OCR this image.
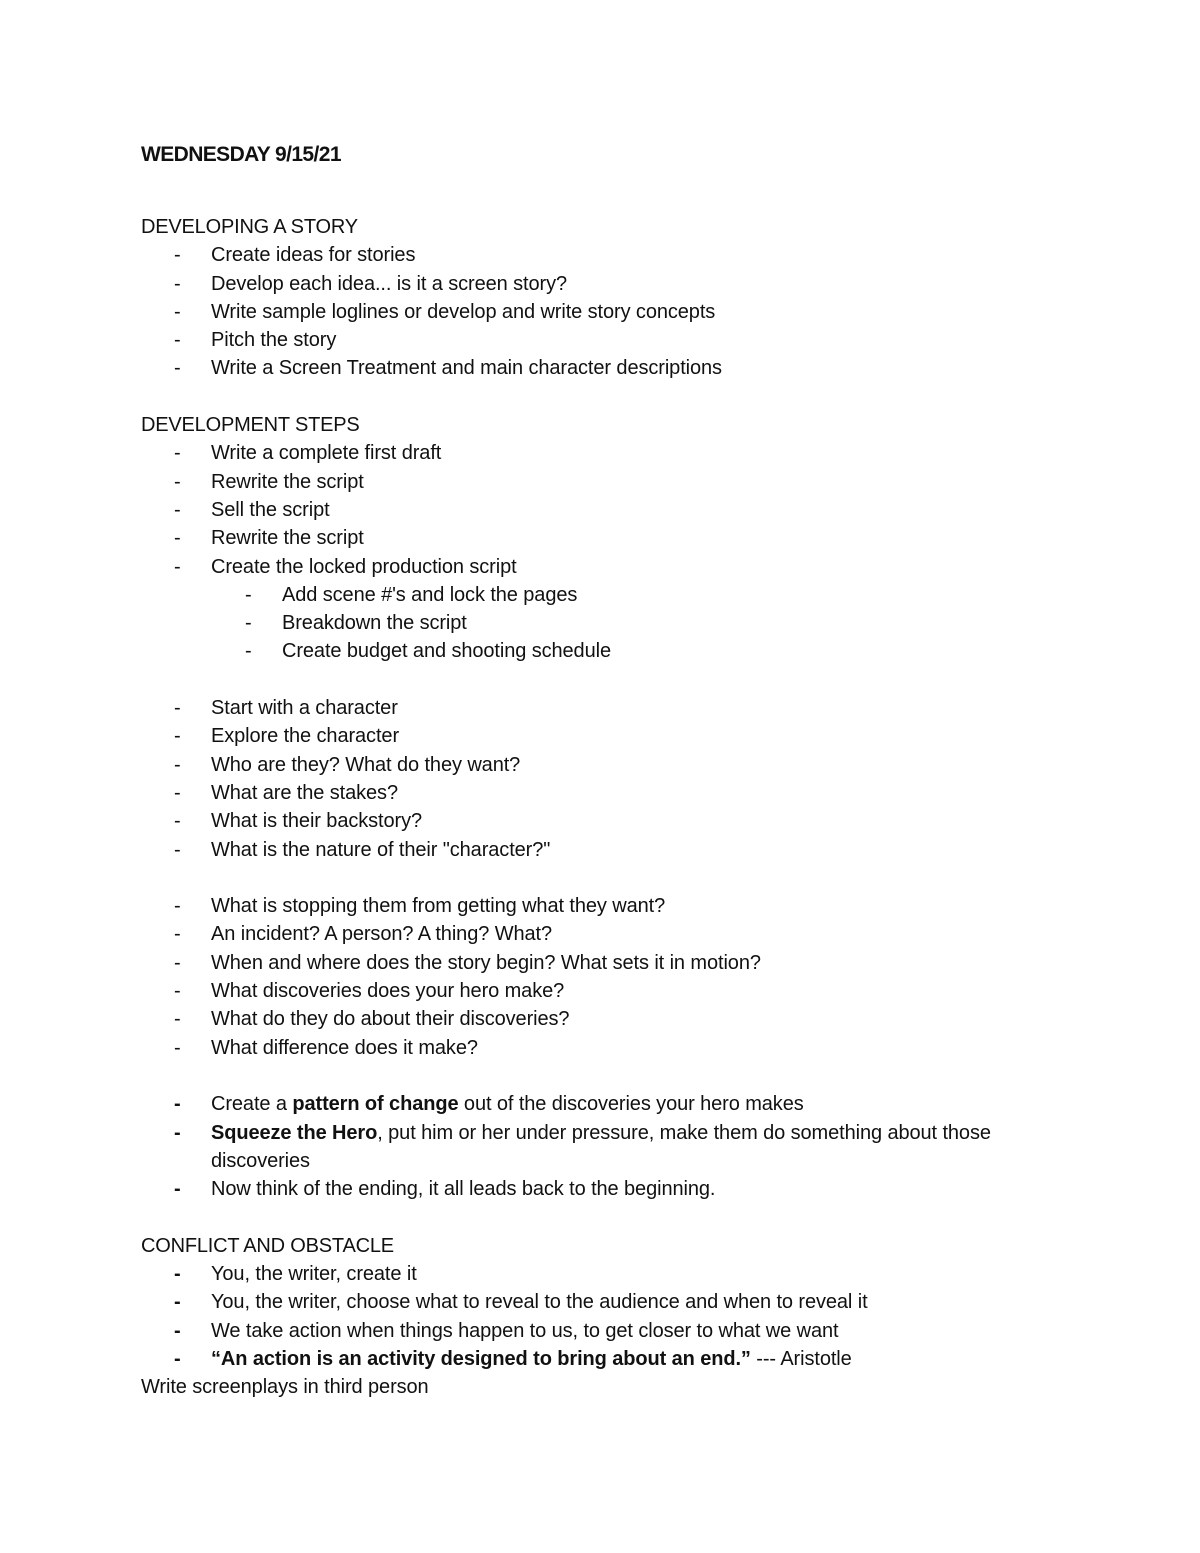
WEDNESDAY 9/15/21

DEVELOPING A STORY

- Create ideas for stories
- Develop each idea... is it a screen story?
- Write sample loglines or develop and write story concepts
- Pitch the story
- Write a Screen Treatment and main character descriptions

DEVELOPMENT STEPS

- Write a complete first draft
- Rewrite the script
- Sell the script
- Rewrite the script
- Create the locked production script
- Add scene #'s and lock the pages
- Breakdown the script
- Create budget and shooting schedule
- Start with a character
- Explore the character
- Who are they? What do they want?
- What are the stakes?
- What is their backstory?
- What is the nature of their "character?"
- What is stopping them from getting what they want?
- An incident? A person? A thing? What?
- When and where does the story begin? What sets it in motion?
- What discoveries does your hero make?
- What do they do about their discoveries?
- What difference does it make?
- Create a pattern of change out of the discoveries your hero makes
- Squeeze the Hero, put him or her under pressure, make them do something about those discoveries
- Now think of the ending, it all leads back to the beginning.

CONFLICT AND OBSTACLE

- You, the writer, create it
- You, the writer, choose what to reveal to the audience and when to reveal it
- We take action when things happen to us, to get closer to what we want
- “An action is an activity designed to bring about an end.” --- Aristotle

Write screenplays in third person
